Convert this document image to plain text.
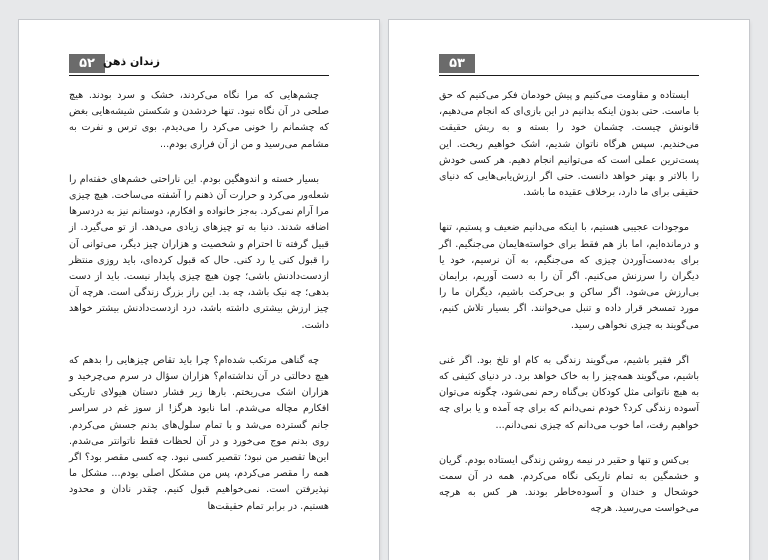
۵۲ زندان ذهن

چشم‌هایی که مرا نگاه می‌کردند، خشک و سرد بودند. هیچ صلحی در آن نگاه نبود. تنها خردشدن و شکستن شیشه‌هایی بغض که چشمانم را خونی می‌کرد را می‌دیدم. بوی ترس و نفرت به مشامم می‌رسید و من از آن فراری بودم...

بسیار خسته و اندوهگین بودم. این ناراحتی خشم‌های خفته‌ام را شعله‌ور می‌کرد و حرارت آن ذهنم را آشفته می‌ساخت. هیچ چیزی مرا آرام نمی‌کرد. به‌جز خانواده و افکارم، دوستانم نیز به دردسرها اضافه شدند. دنیا به تو چیزهای زیادی می‌دهد. از تو می‌گیرد. از قبیل گرفته تا احترام و شخصیت و هزاران چیز دیگر، می‌توانی آن را قبول کنی یا رد کنی. حال که قبول کرده‌ای، باید روزی منتظر ازدست‌دادنش باشی؛ چون هیچ چیزی پایدار نیست. باید از دست بدهی؛ چه نیک باشد، چه بد. این راز بزرگ زندگی است. هرچه آن چیز ارزش بیشتری داشته باشد، درد ازدست‌دادنش بیشتر خواهد داشت.

چه گناهی مرتکب شده‌ام؟ چرا باید تقاص چیزهایی را بدهم که هیچ دخالتی در آن نداشته‌ام؟ هزاران سؤال در سرم می‌چرخید و هزاران اشک می‌ریختم. بارها زیر فشار دستان هیولای تاریکی افکارم مچاله می‌شدم. اما نابود هرگز! از سوز غم در سراسر جانم گسترده می‌شد و با تمام سلول‌های بدنم جسش می‌کردم. روی بدنم موج می‌خورد و در آن لحظات فقط ناتوانتر می‌شدم. این‌ها تقصیر من نبود؛ تقصیر کسی نبود. چه کسی مقصر بود؟ اگر همه را مقصر می‌کردم، پس من مشکل اصلی بودم... مشکل ما نپذیرفتن است. نمی‌خواهیم قبول کنیم. چقدر نادان و محدود هستیم. در برابر تمام حقیقت‌ها

۵۳

ایستاده و مقاومت می‌کنیم و پیش خودمان فکر می‌کنیم که حق با ماست. حتی بدون اینکه بدانیم در این بازی‌ای که انجام می‌دهیم، قانونش چیست. چشمان خود را بسته و به ریش حقیقت می‌خندیم. سپس هرگاه ناتوان شدیم، اشک خواهیم ریخت. این پست‌ترین عملی است که می‌توانیم انجام دهیم. هر کسی خودش را بالاتر و بهتر خواهد دانست. حتی اگر ارزش‌یابی‌هایی که دنیای حقیقی برای ما دارد، برخلاف عقیده ما باشد.

موجودات عجیبی هستیم، با اینکه می‌دانیم ضعیف و پستیم، تنها و درمانده‌ایم، اما باز هم فقط برای خواسته‌هایمان می‌جنگیم. اگر برای به‌دست‌آوردن چیزی که می‌جنگیم، به آن نرسیم، خود یا دیگران را سرزنش می‌کنیم. اگر آن را به دست آوریم، برایمان بی‌ارزش می‌شود. اگر ساکن و بی‌حرکت باشیم، دیگران ما را مورد تمسخر قرار داده و تنبل می‌خوانند. اگر بسیار تلاش کنیم، می‌گویند به چیزی نخواهی رسید.

اگر فقیر باشیم، می‌گویند زندگی به کام او تلخ بود. اگر غنی باشیم، می‌گویند همه‌چیز را به خاک خواهد برد. در دنیای کثیفی که به هیچ ناتوانی مثل کودکان بی‌گناه رحم نمی‌شود، چگونه می‌توان آسوده زندگی کرد؟ خودم نمی‌دانم که برای چه آمده و یا برای چه خواهیم رفت، اما خوب می‌دانم که چیزی نمی‌دانم...

بی‌کس و تنها و حقیر در نیمه روشن زندگی ایستاده بودم. گریان و خشمگین به تمام تاریکی نگاه می‌کردم. همه در آن سمت خوشحال و خندان و آسوده‌خاطر بودند. هر کس به هرچه می‌خواست می‌رسید. هرچه
